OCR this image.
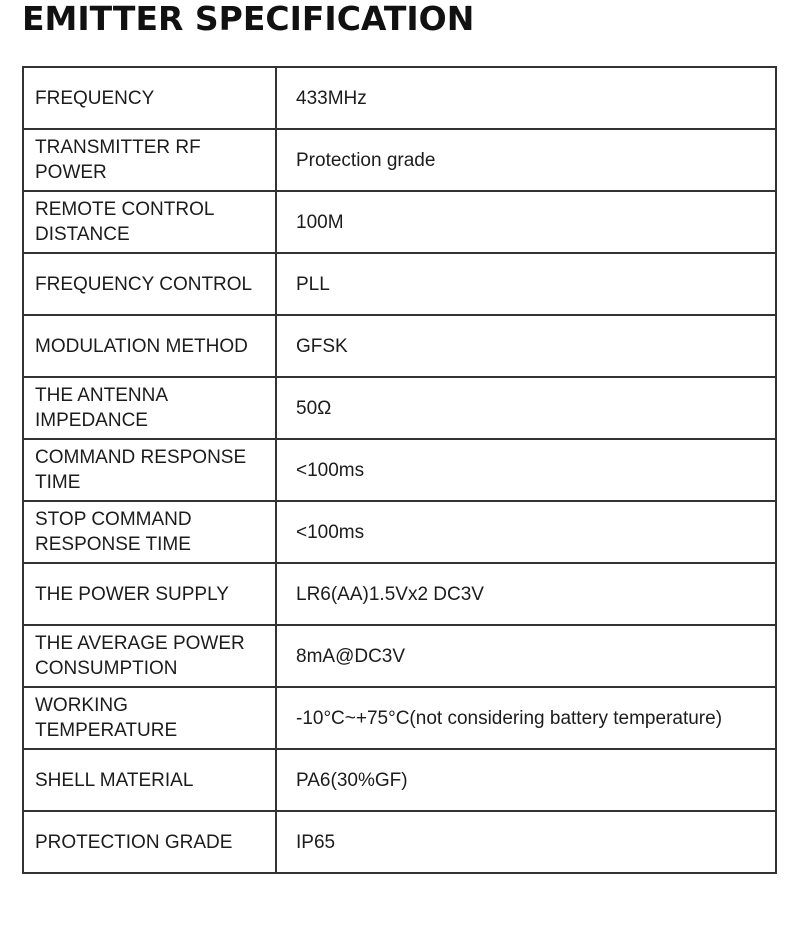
EMITTER SPECIFICATION
FREQUENCY	433MHz
TRANSMITTER RF POWER	Protection grade
REMOTE CONTROL DISTANCE	100M
FREQUENCY CONTROL	PLL
MODULATION METHOD	GFSK
THE ANTENNA IMPEDANCE	50Ω
COMMAND RESPONSE TIME	<100ms
STOP COMMAND RESPONSE TIME	<100ms
THE POWER SUPPLY	LR6(AA)1.5Vx2 DC3V
THE AVERAGE POWER CONSUMPTION	8mA@DC3V
WORKING TEMPERATURE	-10°C~+75°C(not considering battery temperature)
SHELL MATERIAL	PA6(30%GF)
PROTECTION GRADE	IP65
